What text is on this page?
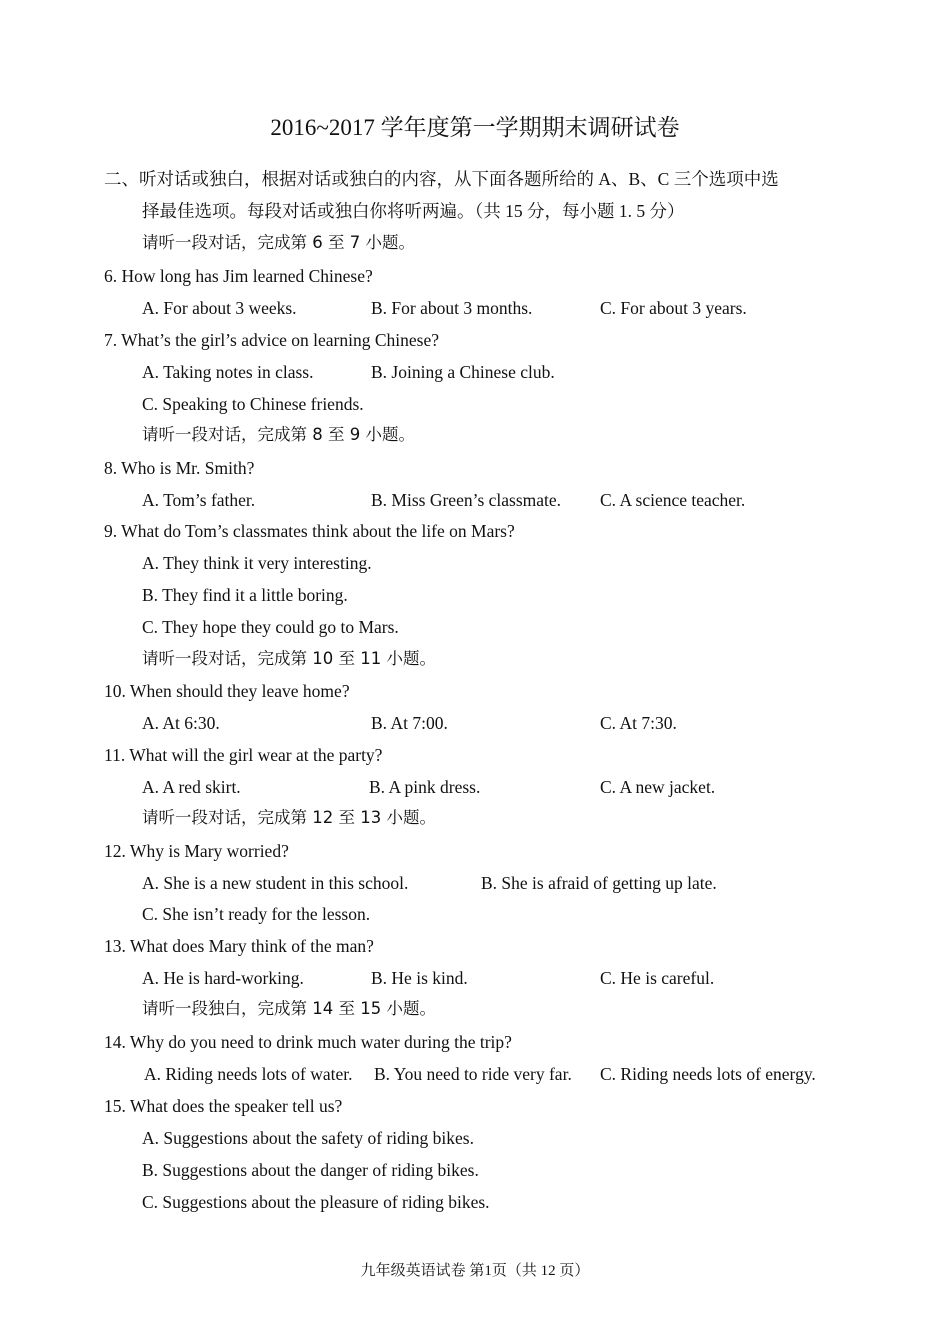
2016~2017 学年度第一学期期末调研试卷
二、听对话或独白，根据对话或独白的内容，从下面各题所给的 A、B、C 三个选项中选
择最佳选项。每段对话或独白你将听两遍。（共 15 分，每小题 1. 5 分）
请听一段对话，完成第 6 至 7 小题。
6. How long has Jim learned Chinese?
A. For about 3 weeks.	B. For about 3 months.	C. For about 3 years.
7. What’s the girl’s advice on learning Chinese?
A. Taking notes in class.	B. Joining a Chinese club.
C. Speaking to Chinese friends.
请听一段对话，完成第 8 至 9 小题。
8. Who is Mr. Smith?
A. Tom’s father.	B. Miss Green’s classmate. C. A science teacher.
9. What do Tom’s classmates think about the life on Mars?
A. They think it very interesting.
B. They find it a little boring.
C. They hope they could go to Mars.
请听一段对话，完成第 10 至 11 小题。
10. When should they leave home?
A. At 6:30.	B. At 7:00.	C. At 7:30.
11. What will the girl wear at the party?
A. A red skirt.	B. A pink dress.	C. A new jacket.
请听一段对话，完成第 12 至 13 小题。
12. Why is Mary worried?
A. She is a new student in this school.	B. She is afraid of getting up late.
C. She isn’t ready for the lesson.
13. What does Mary think of the man?
A. He is hard-working.	B. He is kind.	C. He is careful.
请听一段独白，完成第 14 至 15 小题。
14. Why do you need to drink much water during the trip?
A. Riding needs lots of water. B. You need to ride very far. C. Riding needs lots of energy.
15. What does the speaker tell us?
A. Suggestions about the safety of riding bikes.
B. Suggestions about the danger of riding bikes.
C. Suggestions about the pleasure of riding bikes.
九年级英语试卷 第1页（共 12 页）
